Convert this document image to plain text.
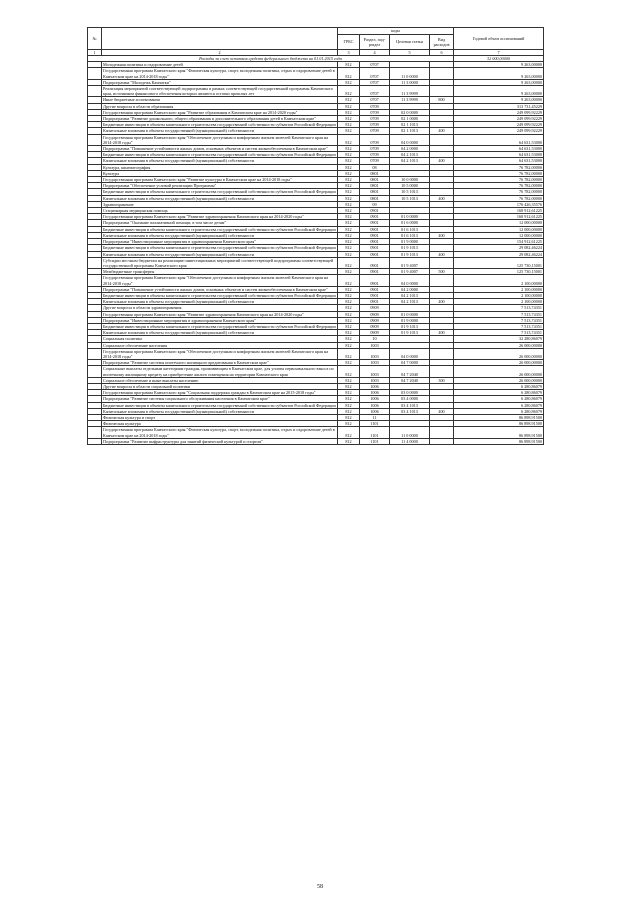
№		коды				Годовой объем ассигнований
		ГРБС	Раздел, под-раздел	Целевая статья	Вид расходов	
1	2	3	4	5	6	7
Расходы за счет остатков средств федерального бюджета на 01.01.2015 года						32 000,00000
	Молодежная политика и оздоровление детей	812	0707			9 263,00000
	Государственная программа Камчатского края "Физическая культура, спорт, молодежная политика, отдых и оздоровление детей в Камчатском крае на 2014-2018 годы"	812	0707	11 0 0000		9 263,00000
	Подпрограмма "Молодежь Камчатки"	812	0707	11 3 0000		9 263,00000
	Реализация мероприятий соответствующей подпрограммы в рамках соответствующей государственной программы Камчатского края, источником финансового обеспечения которых являются остатки прошлых лет	812	0707	11 3 9999		9 263,00000
	Иные бюджетные ассигнования	812	0707	11 3 9999	800	9 263,00000
	Другие вопросы в области образования	812	0709			313 731,45229
	Государственная программа Камчатского края "Развитие образования в Камчатском крае на 2014-2020 годы"	812	0709	02 0 0000		249 099,92229
	Подпрограмма "Развитие дошкольного, общего образования и дополнительного образования детей в Камчатском крае"	812	0709	02 1 0000		249 099,92229
	Бюджетные инвестиции в объекты капитального строительства государственной собственности субъектов Российской Федерации	812	0709	02 1 1013		249 099,92229
	Капитальные вложения в объекты государственной (муниципальной) собственности	812	0709	02 1 1013	400	249 099,92229
	Государственная программа Камчатского края "Обеспечение доступным и комфортным жильем жителей Камчатского края на 2014-2018 годы"	812	0709	04 0 0000		64 631,53000
	Подпрограмма "Повышение устойчивости жилых домов, основных объектов и систем жизнеобеспечения в Камчатском крае"	812	0709	04 2 0000		64 631,53000
	Бюджетные инвестиции в объекты капитального строительства государственной собственности субъектов Российской Федерации	812	0709	04 2 1013		64 631,53000
	Капитальные вложения в объекты государственной (муниципальной) собственности	812	0709	04 2 1013	400	64 631,53000
	Культура, кинематография	812	08			76 782,00000
	Культура	812	0801			76 782,00000
	Государственная программа Камчатского края "Развитие культуры в Камчатском крае на 2014-2018 годы"	812	0801	10 0 0000		76 782,00000
	Подпрограмма "Обеспечение условий реализации Программы"	812	0801	10 5 0000		76 782,00000
	Бюджетные инвестиции в объекты капитального строительства государственной собственности субъектов Российской Федерации	812	0801	10 5 1013		76 782,00000
	Капитальные вложения в объекты государственной (муниципальной) собственности	812	0801	10 5 1013	400	76 782,00000
	Здравоохранение	812	09			176 426,35576
	Стационарная медицинская помощь	812	0901			168 912,61225
	Государственная программа Камчатского края "Развитие здравоохранения Камчатского края на 2014-2020 годы"	812	0901	01 0 0000		168 912,61225
	Подпрограмма "Оказание паллиативной помощи, в том числе детям"	812	0901	01 6 0000		12 000,00000
	Бюджетные инвестиции в объекты капитального строительства государственной собственности субъектов Российской Федерации	812	0901	01 6 1013		12 000,00000
	Капитальные вложения в объекты государственной (муниципальной) собственности	812	0901	01 6 1013	400	12 000,00000
	Подпрограмма "Инвестиционные мероприятия в здравоохранении Камчатского края"	812	0901	01 9 0000		154 912,61225
	Бюджетные инвестиции в объекты капитального строительства государственной собственности субъектов Российской Федерации	812	0901	01 9 1013		29 082,46224
	Капитальные вложения в объекты государственной (муниципальной) собственности	812	0901	01 9 1013	400	29 082,46224
	Субсидии местным бюджетам на реализацию инвестиционных мероприятий соответствующей подпрограммы соответствующей государственной программы Камчатского края	812	0901	01 9 4007		125 730,15001
	Межбюджетные трансферты	812	0901	01 9 4007	500	125 730,15001
	Государственная программа Камчатского края "Обеспечение доступным и комфортным жильем жителей Камчатского края на 2014-2018 годы"	812	0901	04 0 0000		2 100,00000
	Подпрограмма "Повышение устойчивости жилых домов, основных объектов и систем жизнеобеспечения в Камчатском крае"	812	0901	04 2 0000		2 100,00000
	Бюджетные инвестиции в объекты капитального строительства государственной собственности субъектов Российской Федерации	812	0901	04 2 1013		2 100,00000
	Капитальные вложения в объекты государственной (муниципальной) собственности	812	0901	04 2 1013	400	2 100,00000
	Другие вопросы в области здравоохранения	812	0909			7 513,74351
	Государственная программа Камчатского края "Развитие здравоохранения Камчатского края на 2014-2020 годы"	812	0909	01 0 0000		7 513,74351
	Подпрограмма "Инвестиционные мероприятия в здравоохранении Камчатского края"	812	0909	01 9 0000		7 513,74351
	Бюджетные инвестиции в объекты капитального строительства государственной собственности субъектов Российской Федерации	812	0909	01 9 1013		7 513,74351
	Капитальные вложения в объекты государственной (муниципальной) собственности	812	0909	01 9 1013	400	7 513,74351
	Социальная политика	812	10			32 280,86079
	Социальное обеспечение населения	812	1003			26 000,00000
	Государственная программа Камчатского края "Обеспечение доступным и комфортным жильем жителей Камчатского края на 2014-2018 годы"	812	1003	04 0 0000		26 000,00000
	Подпрограмма "Развитие системы ипотечного жилищного кредитования в Камчатском крае"	812	1003	04 7 0000		26 000,00000
	Социальные выплаты отдельным категориям граждан, проживающим в Камчатском крае, для уплаты первоначального взноса по ипотечному жилищному кредиту на приобретение жилого помещения на территории Камчатского края	812	1003	04 7 2040		26 000,00000
	Социальное обеспечение и иные выплаты населению	812	1003	04 7 2040	300	26 000,00000
	Другие вопросы в области социальной политики	812	1006			6 280,86079
	Государственная программа Камчатского края "Социальная поддержка граждан в Камчатском крае на 2015-2018 годы"	812	1006	03 0 0000		6 280,86079
	Подпрограмма "Развитие системы социального обслуживания населения в Камчатском крае"	812	1006	03 4 0000		6 280,86079
	Бюджетные инвестиции в объекты капитального строительства государственной собственности субъектов Российской Федерации	812	1006	03 4 1013		6 280,86079
	Капитальные вложения в объекты государственной (муниципальной) собственности	812	1006	03 4 1013	400	6 280,86079
	Физическая культура и спорт	812	11			86 898,91500
	Физическая культура	812	1101			86 898,91500
	Государственная программа Камчатского края "Физическая культура, спорт, молодежная политика, отдых и оздоровление детей в Камчатском крае на 2014-2018 годы"	812	1101	11 0 0000		86 898,91500
	Подпрограмма "Развитие инфраструктуры для занятий физической культурой и спортом"	812	1101	11 4 0000		86 898,91500
58
